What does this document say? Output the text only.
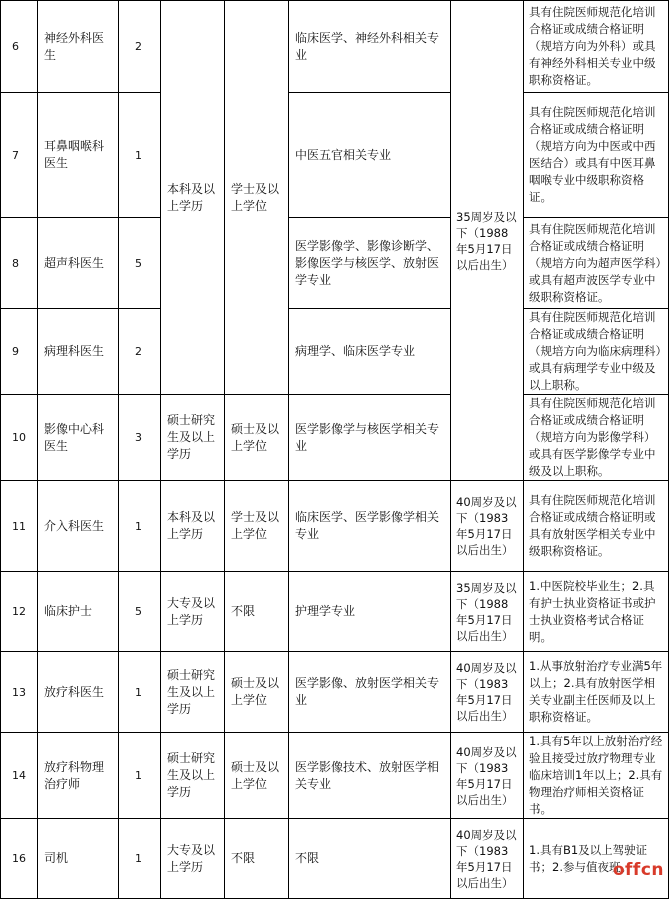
6	神经外科医生	2	本科及以上学历	学士及以上学位	临床医学、神经外科相关专业	35周岁及以下（1988年5月17日以后出生）	具有住院医师规范化培训合格证或成绩合格证明（规培方向为外科）或具有神经外科相关专业中级职称资格证。
7	耳鼻咽喉科医生	1			中医五官相关专业		具有住院医师规范化培训合格证或成绩合格证明（规培方向为中医或中西医结合）或具有中医耳鼻咽喉专业中级职称资格证。
8	超声科医生	5			医学影像学、影像诊断学、影像医学与核医学、放射医学专业		具有住院医师规范化培训合格证或成绩合格证明（规培方向为超声医学科）或具有超声波医学专业中级职称资格证。
9	病理科医生	2			病理学、临床医学专业		具有住院医师规范化培训合格证或成绩合格证明（规培方向为临床病理科）或具有病理学专业中级及以上职称。
10	影像中心科医生	3	硕士研究生及以上学历	硕士及以上学位	医学影像学与核医学相关专业		具有住院医师规范化培训合格证或成绩合格证明（规培方向为影像学科）或具有医学影像学专业中级及以上职称。
11	介入科医生	1	本科及以上学历	学士及以上学位	临床医学、医学影像学相关专业	40周岁及以下（1983年5月17日以后出生）	具有住院医师规范化培训合格证或成绩合格证明或具有放射医学相关专业中级职称资格证。
12	临床护士	5	大专及以上学历	不限	护理学专业	35周岁及以下（1988年5月17日以后出生）	1.中医院校毕业生；2.具有护士执业资格证书或护士执业资格考试合格证明。
13	放疗科医生	1	硕士研究生及以上学历	硕士及以上学位	医学影像、放射医学相关专业	40周岁及以下（1983年5月17日以后出生）	1.从事放射治疗专业满5年以上；2.具有放射医学相关专业副主任医师及以上职称资格证。
14	放疗科物理治疗师	1	硕士研究生及以上学历	硕士及以上学位	医学影像技术、放射医学相关专业	40周岁及以下（1983年5月17日以后出生）	1.具有5年以上放射治疗经验且接受过放疗物理专业临床培训1年以上；2.具有物理治疗师相关资格证书。
16	司机	1	大专及以上学历	不限	不限	40周岁及以下（1983年5月17日以后出生）	1.具有B1及以上驾驶证书；2.参与值夜班。
offcn
